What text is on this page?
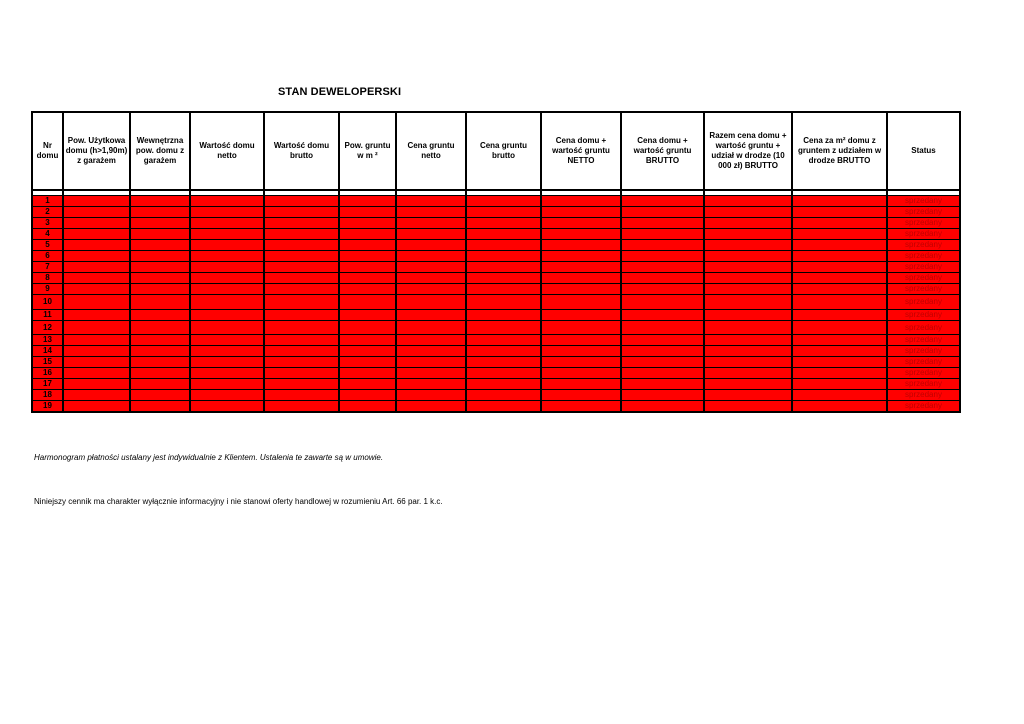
STAN DEWELOPERSKI
Nr domu	Pow. Użytkowa domu (h>1,90m) z garażem	Wewnętrzna pow. domu z garażem	Wartość domu netto	Wartość domu brutto	Pow. gruntu w m ²	Cena gruntu netto	Cena gruntu brutto	Cena domu + wartość gruntu NETTO	Cena domu + wartość gruntu BRUTTO	Razem cena domu + wartość gruntu + udział w drodze (10 000 zł) BRUTTO	Cena za m² domu z gruntem z udziałem w drodze BRUTTO	Status

1												sprzedany
2												sprzedany
3												sprzedany
4												sprzedany
5												sprzedany
6												sprzedany
7												sprzedany
8												sprzedany
9												sprzedany
10												sprzedany
11												sprzedany
12												sprzedany
13												sprzedany
14												sprzedany
15												sprzedany
16												sprzedany
17												sprzedany
18												sprzedany
19												sprzedany
Harmonogram płatności ustalany jest indywidualnie z Klientem. Ustalenia te zawarte są w umowie.
Niniejszy cennik ma charakter wyłącznie informacyjny i nie stanowi oferty handlowej w rozumieniu Art. 66 par. 1 k.c.
